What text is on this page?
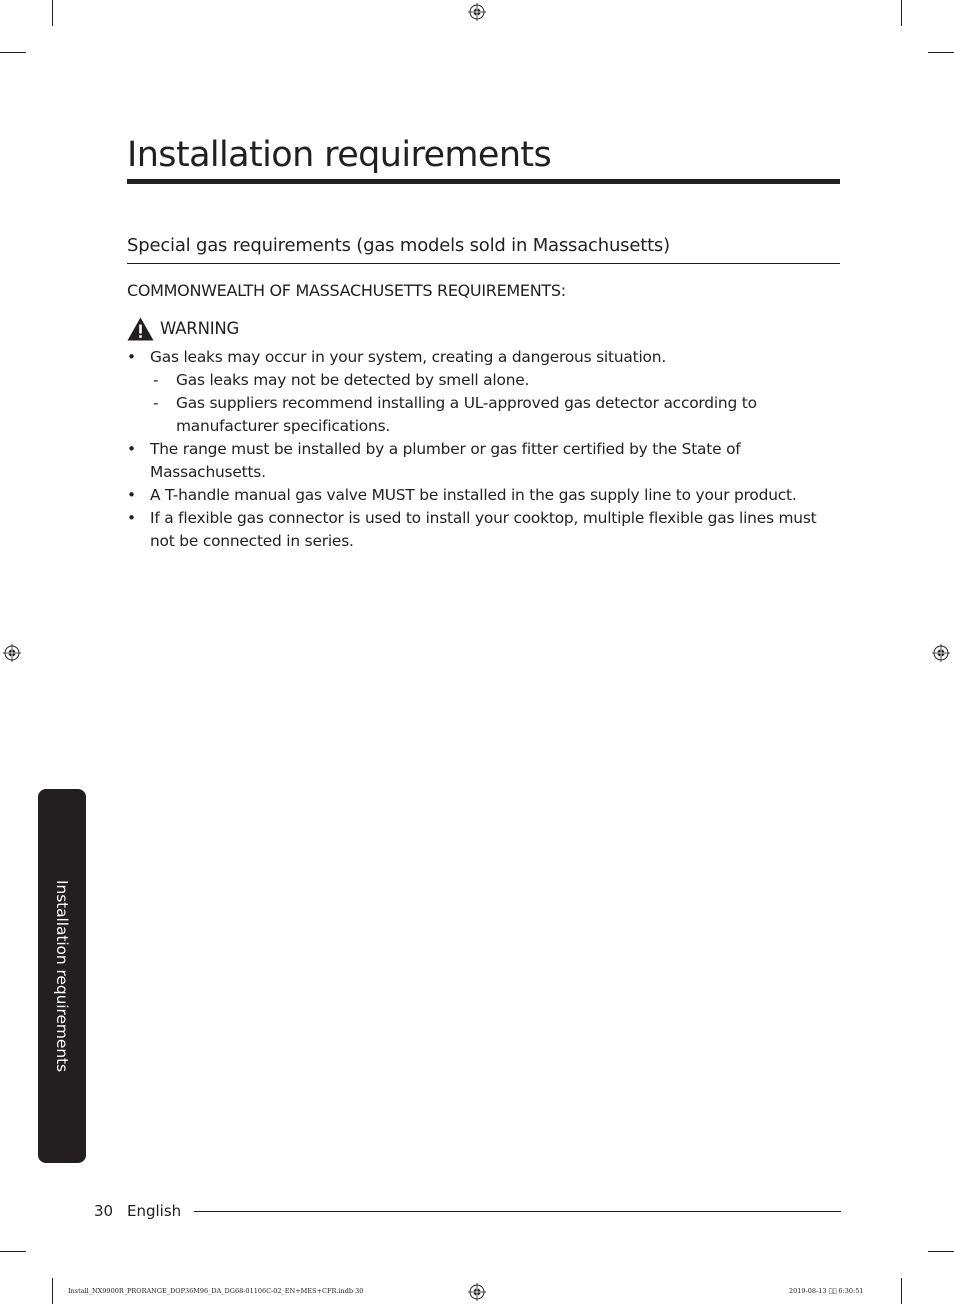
Installation requirements
Special gas requirements (gas models sold in Massachusetts)
COMMONWEALTH OF MASSACHUSETTS REQUIREMENTS:
WARNING
• Gas leaks may occur in your system, creating a dangerous situation.
- Gas leaks may not be detected by smell alone.
- Gas suppliers recommend installing a UL-approved gas detector according to manufacturer specifications.
• The range must be installed by a plumber or gas fitter certified by the State of Massachusetts.
• A T-handle manual gas valve MUST be installed in the gas supply line to your product.
• If a flexible gas connector is used to install your cooktop, multiple flexible gas lines must not be connected in series.
Installation requirements
30 English
Install_NX9900R_PRORANGE_DOP36M96_DA_DG68-01106C-02_EN+MES+CFR.indb 30	2019-08-13 ￿￿ 6:30:51
